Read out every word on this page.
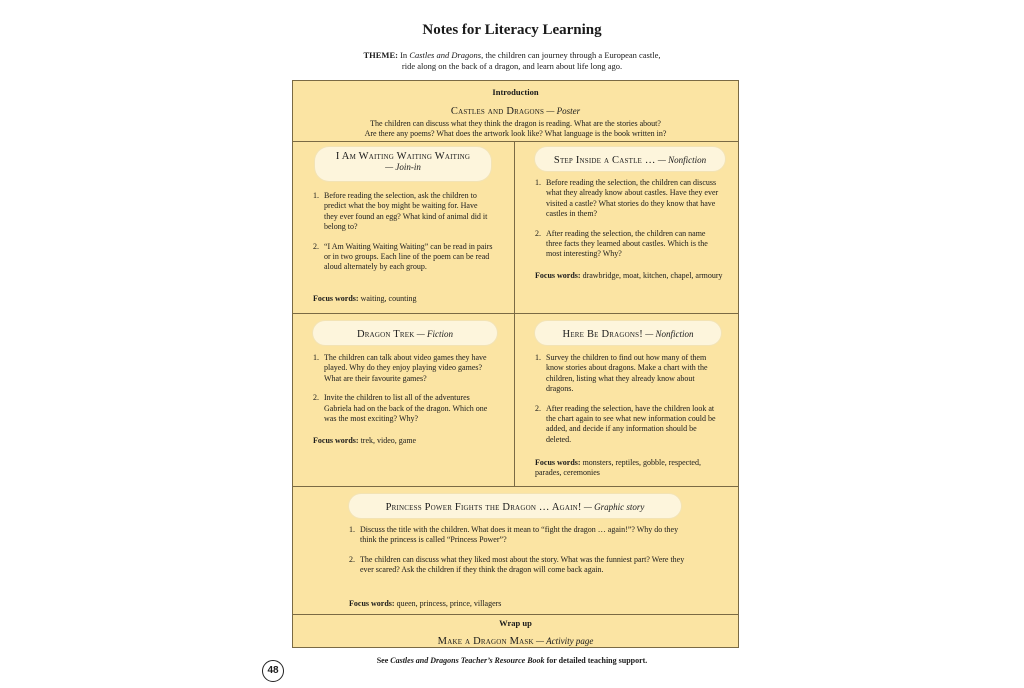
Notes for Literacy Learning
THEME: In Castles and Dragons, the children can journey through a European castle,
ride along on the back of a dragon, and learn about life long ago.
Introduction
Castles and Dragons — Poster
The children can discuss what they think the dragon is reading. What are the stories about?
Are there any poems? What does the artwork look like? What language is the book written in?
I Am Waiting Waiting Waiting
— Join-in
1. Before reading the selection, ask the children to predict what the boy might be waiting for. Have they ever found an egg? What kind of animal did it belong to?
2. “I Am Waiting Waiting Waiting” can be read in pairs or in two groups. Each line of the poem can be read aloud alternately by each group.
Focus words: waiting, counting
Step Inside a Castle … — Nonfiction
1. Before reading the selection, the children can discuss what they already know about castles. Have they ever visited a castle? What stories do they know that have castles in them?
2. After reading the selection, the children can name three facts they learned about castles. Which is the most interesting? Why?
Focus words: drawbridge, moat, kitchen, chapel, armoury
Dragon Trek — Fiction
1. The children can talk about video games they have played. Why do they enjoy playing video games? What are their favourite games?
2. Invite the children to list all of the adventures Gabriela had on the back of the dragon. Which one was the most exciting? Why?
Focus words: trek, video, game
Here Be Dragons! — Nonfiction
1. Survey the children to find out how many of them know stories about dragons. Make a chart with the children, listing what they already know about dragons.
2. After reading the selection, have the children look at the chart again to see what new information could be added, and decide if any information should be deleted.
Focus words: monsters, reptiles, gobble, respected, parades, ceremonies
Princess Power Fights the Dragon … Again! — Graphic story
1. Discuss the title with the children. What does it mean to “fight the dragon … again!”? Why do they think the princess is called “Princess Power”?
2. The children can discuss what they liked most about the story. What was the funniest part? Were they ever scared? Ask the children if they think the dragon will come back again.
Focus words: queen, princess, prince, villagers
Wrap up
Make a Dragon Mask — Activity page
48
See Castles and Dragons Teacher’s Resource Book for detailed teaching support.
